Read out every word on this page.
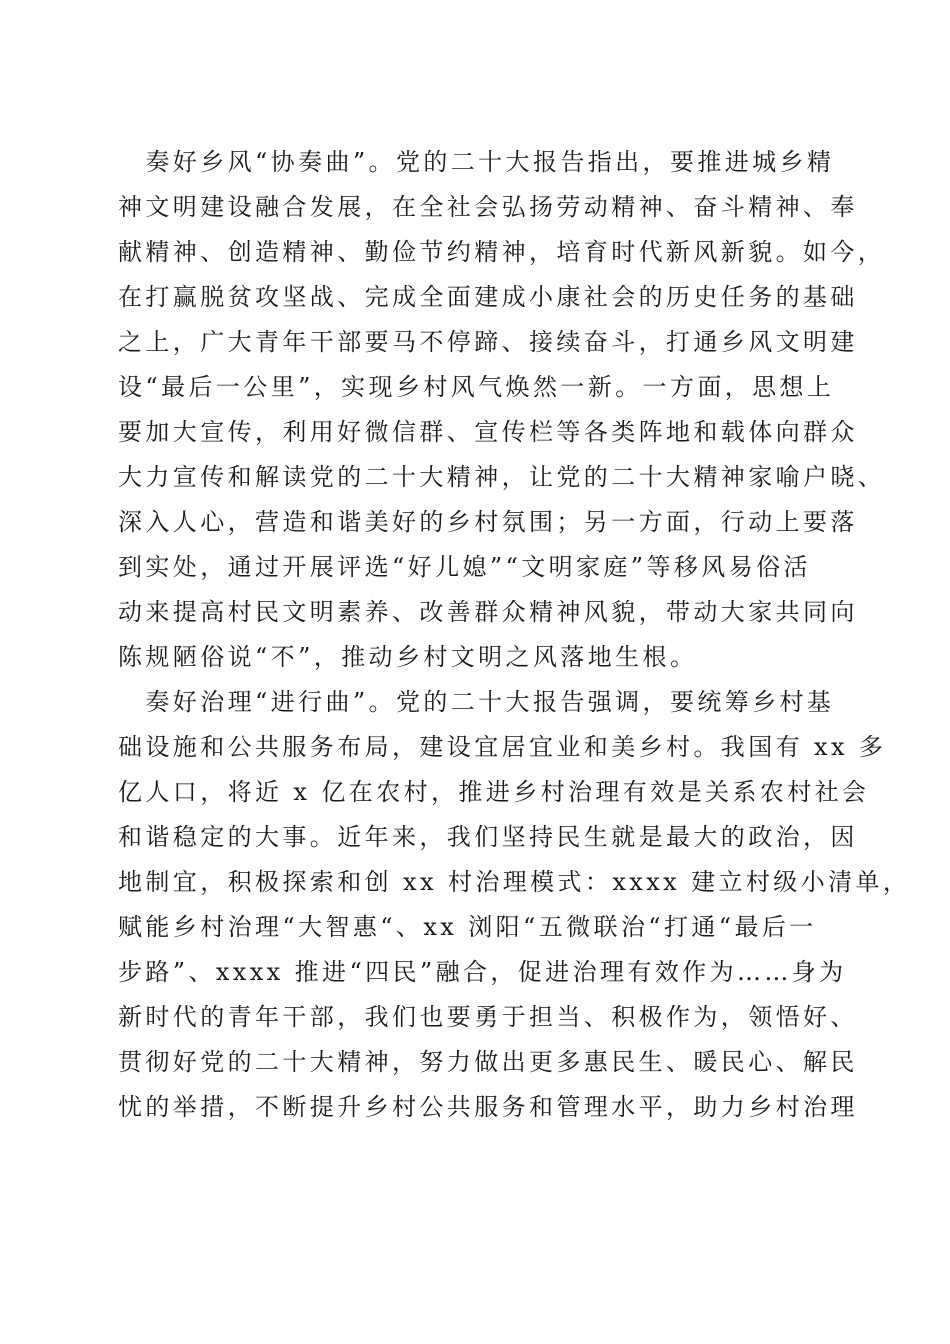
　奏好乡风“协奏曲”。党的二十大报告指出，要推进城乡精
神文明建设融合发展，在全社会弘扬劳动精神、奋斗精神、奉
献精神、创造精神、勤俭节约精神，培育时代新风新貌。如今，
在打赢脱贫攻坚战、完成全面建成小康社会的历史任务的基础
之上，广大青年干部要马不停蹄、接续奋斗，打通乡风文明建
设“最后一公里”，实现乡村风气焕然一新。一方面，思想上
要加大宣传，利用好微信群、宣传栏等各类阵地和载体向群众
大力宣传和解读党的二十大精神，让党的二十大精神家喻户晓、
深入人心，营造和谐美好的乡村氛围；另一方面，行动上要落
到实处，通过开展评选“好儿媳”“文明家庭”等移风易俗活
动来提高村民文明素养、改善群众精神风貌，带动大家共同向
陈规陋俗说“不”，推动乡村文明之风落地生根。
　奏好治理“进行曲”。党的二十大报告强调，要统筹乡村基
础设施和公共服务布局，建设宜居宜业和美乡村。我国有 xx 多
亿人口，将近 x 亿在农村，推进乡村治理有效是关系农村社会
和谐稳定的大事。近年来，我们坚持民生就是最大的政治，因
地制宜，积极探索和创 xx 村治理模式：xxxx 建立村级小清单，
赋能乡村治理“大智惠“、xx 浏阳“五微联治“打通“最后一
步路”、xxxx 推进“四民”融合，促进治理有效作为……身为
新时代的青年干部，我们也要勇于担当、积极作为，领悟好、
贯彻好党的二十大精神，努力做出更多惠民生、暖民心、解民
忧的举措，不断提升乡村公共服务和管理水平，助力乡村治理
